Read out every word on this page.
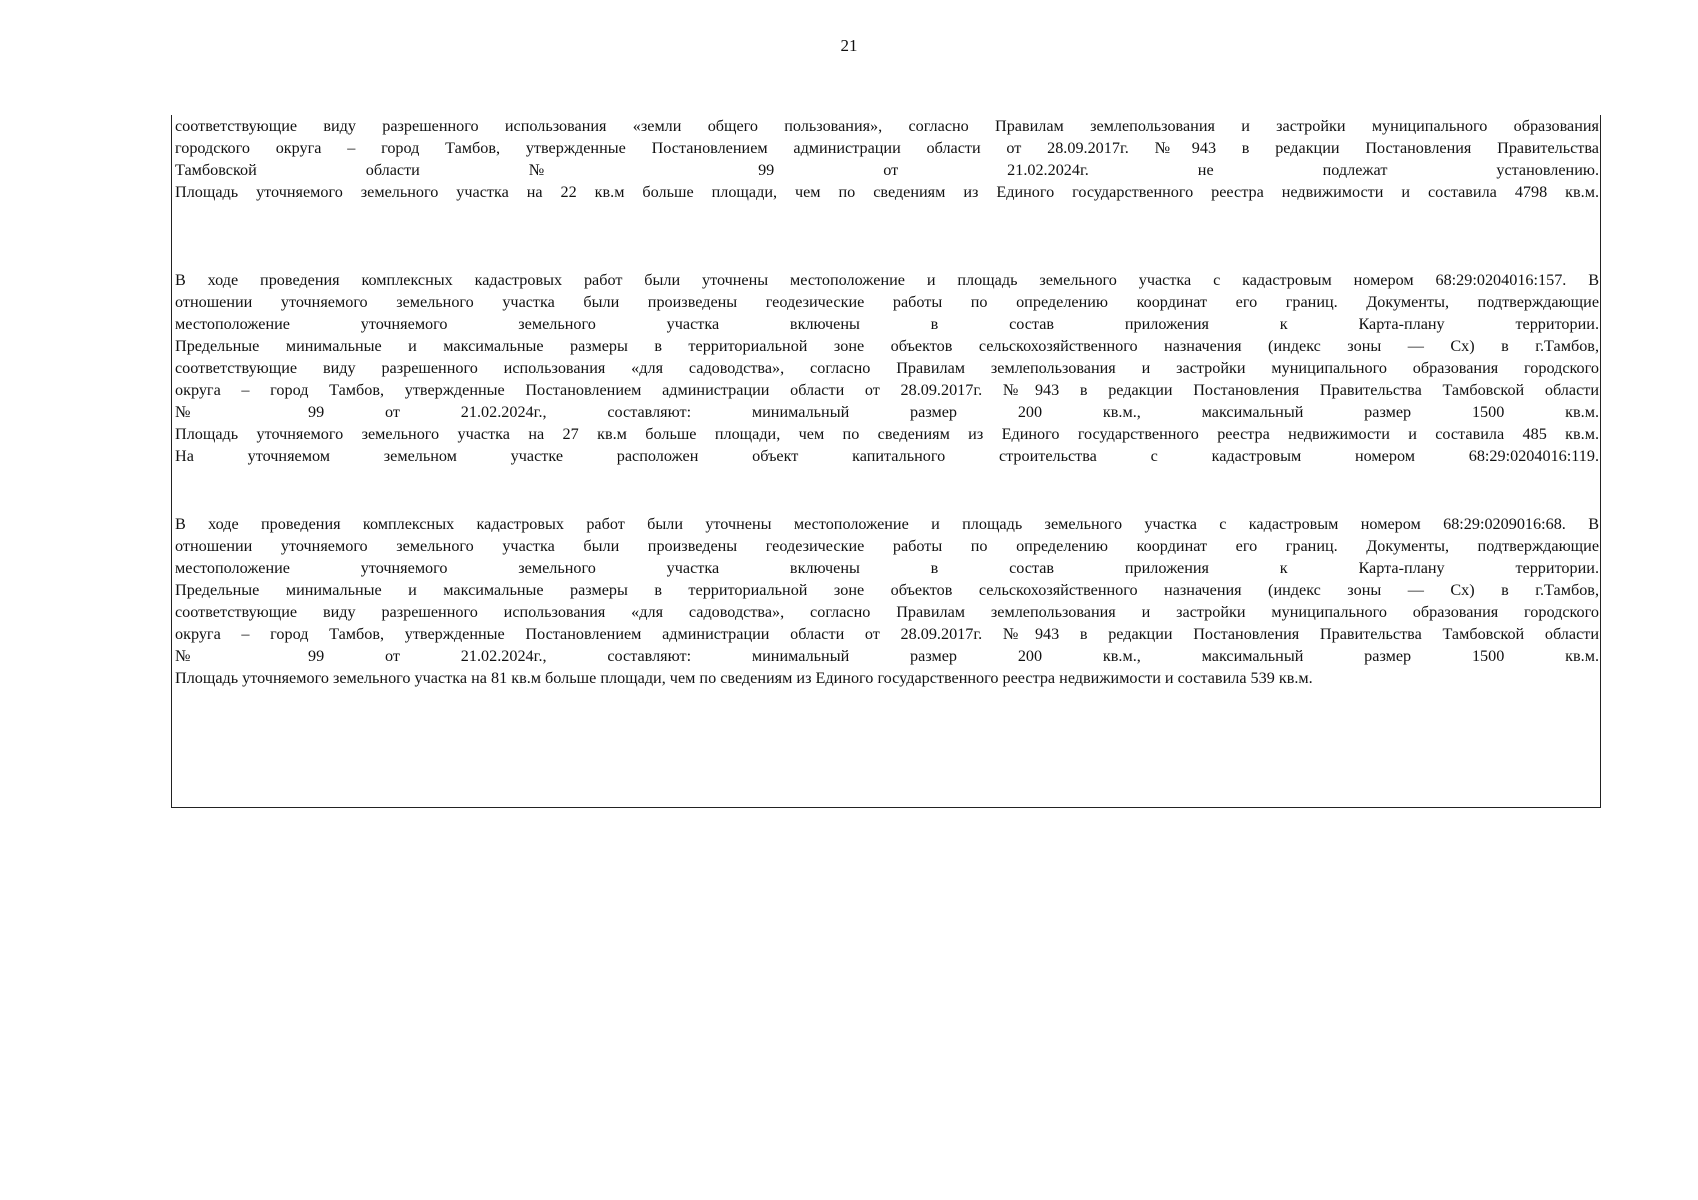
21
соответствующие виду разрешенного использования «земли общего пользования», согласно Правилам землепользования и застройки муниципального образования
городского округа – город Тамбов, утвержденные Постановлением администрации области от 28.09.2017г. №943 в редакции Постановления Правительства
Тамбовской области № 99 от 21.02.2024г. не подлежат установлению.
Площадь уточняемого земельного участка на 22 кв.м больше площади, чем по сведениям из Единого государственного реестра недвижимости и составила 4798 кв.м.
В ходе проведения комплексных кадастровых работ были уточнены местоположение и площадь земельного участка с кадастровым номером 68:29:0204016:157. В
отношении уточняемого земельного участка были произведены геодезические работы по определению координат его границ. Документы, подтверждающие
местоположение уточняемого земельного участка включены в состав приложения к Карта-плану территории.
Предельные минимальные и максимальные размеры в территориальной зоне объектов сельскохозяйственного назначения (индекс зоны — Сх) в г.Тамбов,
соответствующие виду разрешенного использования «для садоводства», согласно Правилам землепользования и застройки муниципального образования городского
округа – город Тамбов, утвержденные Постановлением администрации области от 28.09.2017г. №943 в редакции Постановления Правительства Тамбовской области
№ 99 от 21.02.2024г., составляют: минимальный размер 200 кв.м., максимальный размер 1500 кв.м.
Площадь уточняемого земельного участка на 27 кв.м больше площади, чем по сведениям из Единого государственного реестра недвижимости и составила 485 кв.м.
На уточняемом земельном участке расположен объект капитального строительства с кадастровым номером 68:29:0204016:119.
В ходе проведения комплексных кадастровых работ были уточнены местоположение и площадь земельного участка с кадастровым номером 68:29:0209016:68. В
отношении уточняемого земельного участка были произведены геодезические работы по определению координат его границ. Документы, подтверждающие
местоположение уточняемого земельного участка включены в состав приложения к Карта-плану территории.
Предельные минимальные и максимальные размеры в территориальной зоне объектов сельскохозяйственного назначения (индекс зоны — Сх) в г.Тамбов,
соответствующие виду разрешенного использования «для садоводства», согласно Правилам землепользования и застройки муниципального образования городского
округа – город Тамбов, утвержденные Постановлением администрации области от 28.09.2017г. №943 в редакции Постановления Правительства Тамбовской области
№ 99 от 21.02.2024г., составляют: минимальный размер 200 кв.м., максимальный размер 1500 кв.м.
Площадь уточняемого земельного участка на 81 кв.м больше площади, чем по сведениям из Единого государственного реестра недвижимости и составила 539 кв.м.
